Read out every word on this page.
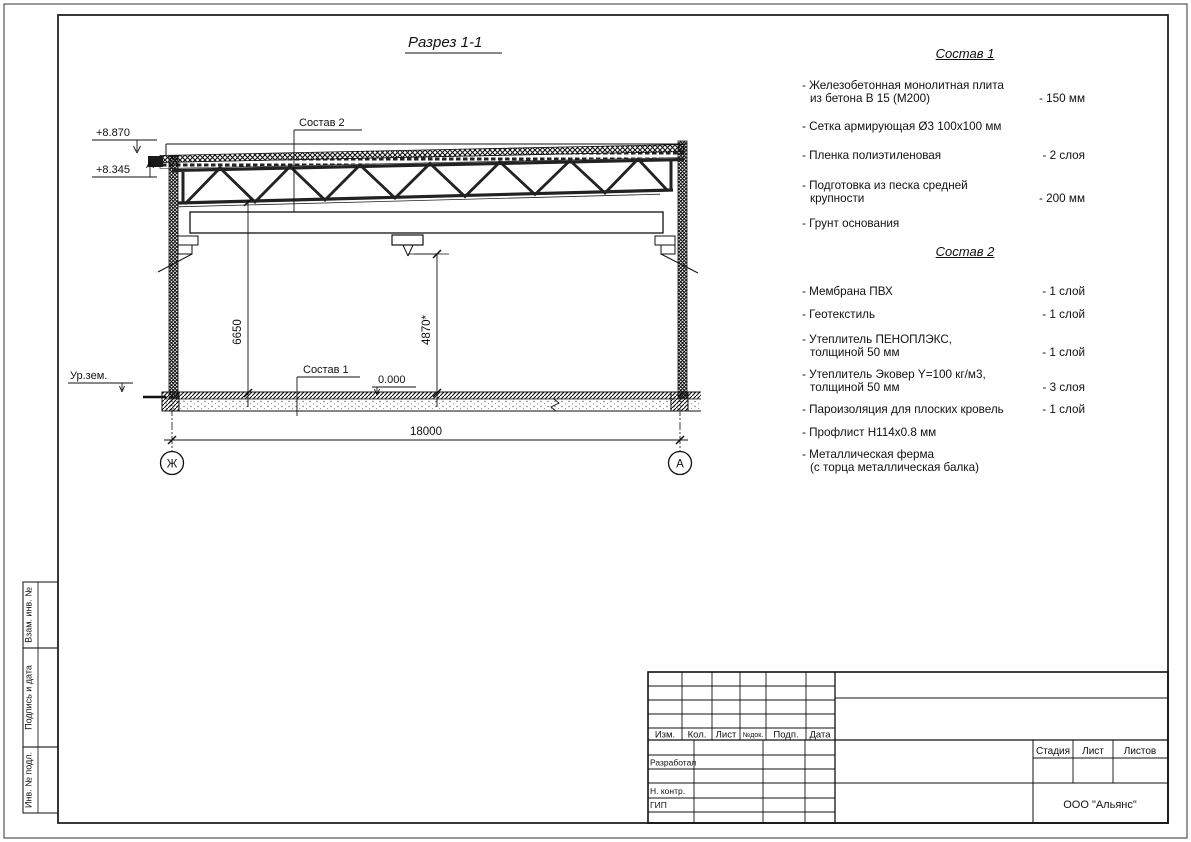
Взам. инв. №
Подпись и дата
Инв. № подл.
Разрез 1-1
Состав 2
Состав 1
0.000
Ур.зем.
+8.870
+8.345
6650	4870*
18000
Ж	А
Изм. Кол. Лист №док. Подп. Дата
Разработал
Н. контр.
ГИП
Стадия Лист Листов
ООО "Альянс"
Состав 1
- Железобетонная монолитная плита
из бетона В 15 (М200)	- 150 мм
- Сетка армирующая Ø3 100х100 мм
- Пленка полиэтиленовая	- 2 слоя
- Подготовка из песка средней
крупности	- 200 мм
- Грунт основания
Состав 2
- Мембрана ПВХ	- 1 слой
- Геотекстиль	- 1 слой
- Утеплитель ПЕНОПЛЭКС,
толщиной 50 мм	- 1 слой
- Утеплитель Эковер Y=100 кг/м3,
толщиной 50 мм	- 3 слоя
- Пароизоляция для плоских кровель	- 1 слой
- Профлист Н114х0.8 мм
- Металлическая ферма
(с торца металлическая балка)
